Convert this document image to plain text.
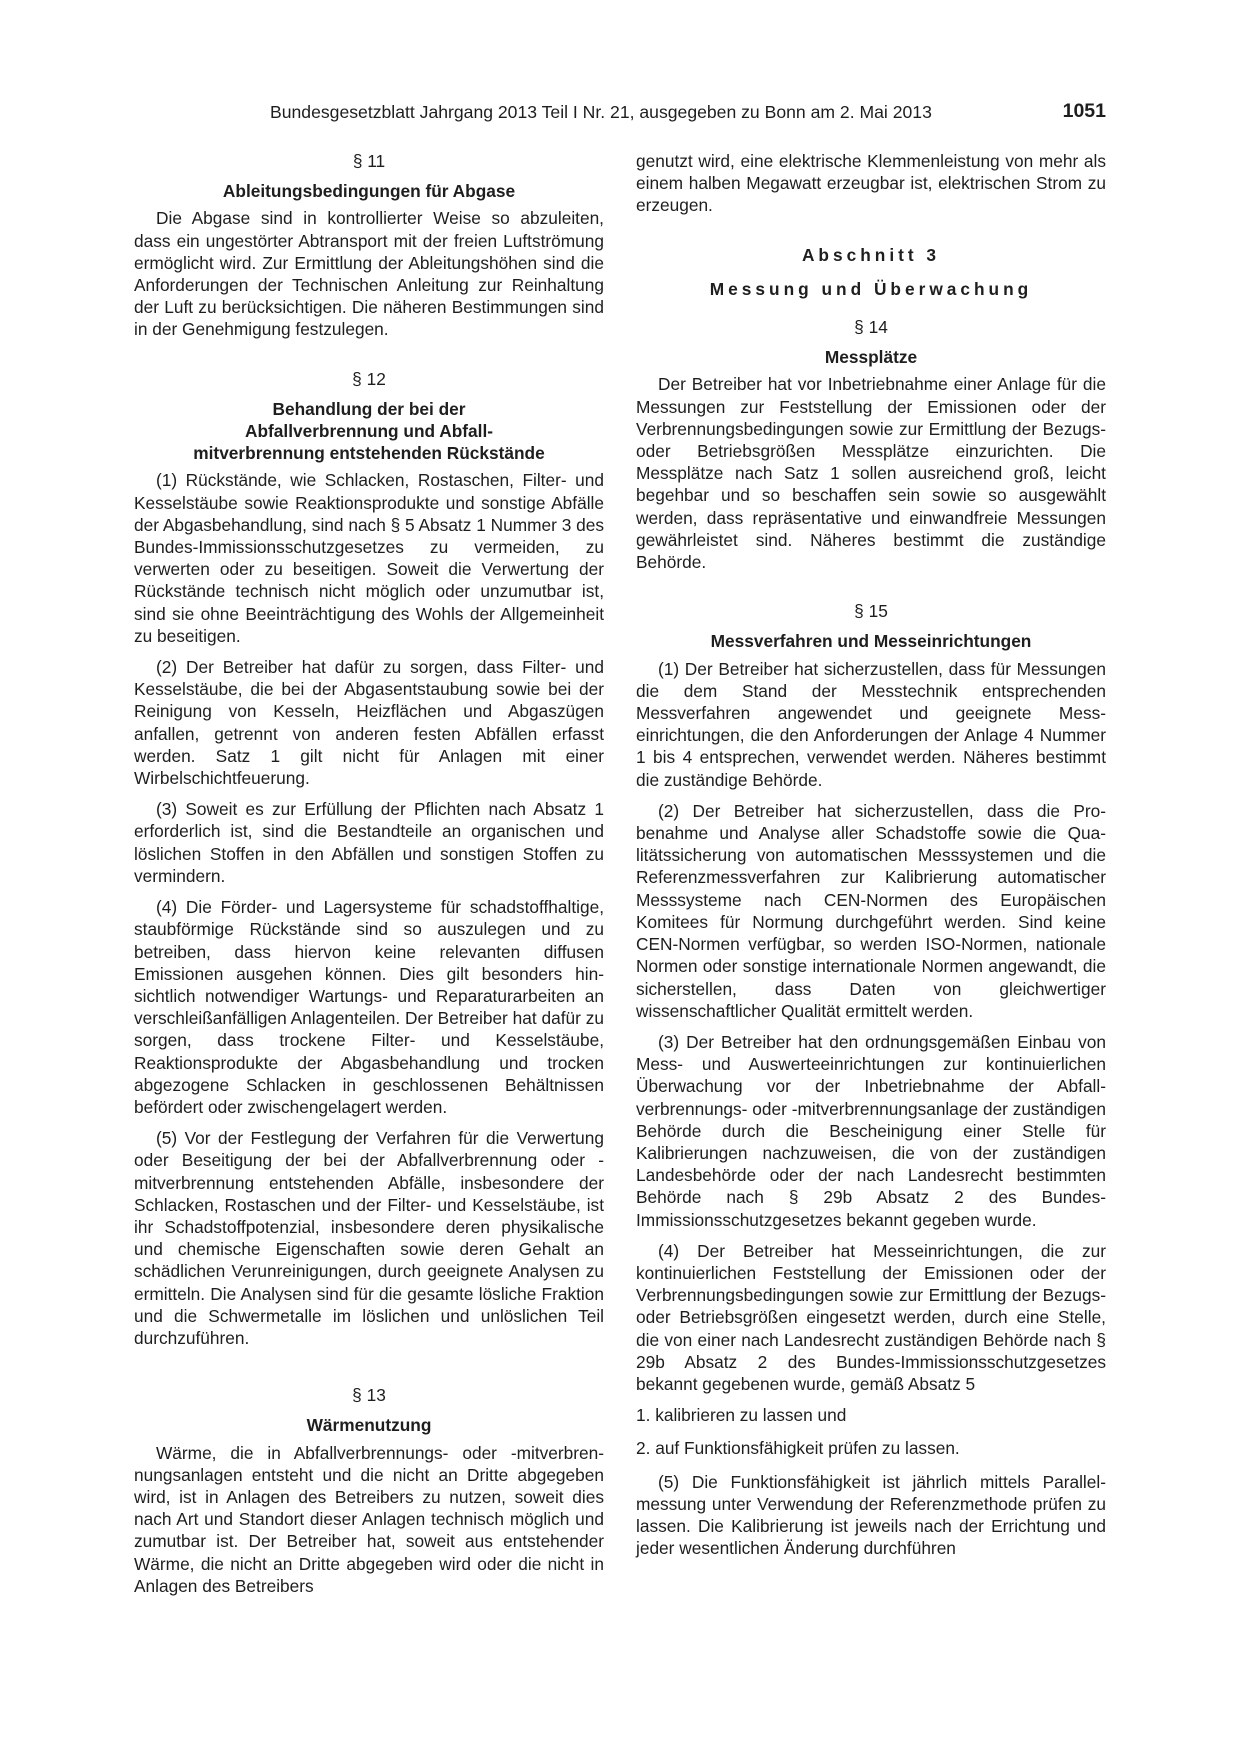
Bundesgesetzblatt Jahrgang 2013 Teil I Nr. 21, ausgegeben zu Bonn am 2. Mai 2013	1051
§ 11
Ableitungsbedingungen für Abgase

Die Abgase sind in kontrollierter Weise so abzuleiten, dass ein ungestörter Abtransport mit der freien Luftströmung ermöglicht wird. Zur Ermittlung der Ableitungshöhen sind die Anforderungen der Technischen Anleitung zur Reinhaltung der Luft zu berücksichtigen. Die näheren Bestimmungen sind in der Genehmigung festzulegen.

§ 12
Behandlung der bei der
Abfallverbrennung und Abfall-
mitverbrennung entstehenden Rückstände

(1) Rückstände, wie Schlacken, Rostaschen, Filter- und Kesselstäube sowie Reaktionsprodukte und sonstige Abfälle der Abgasbehandlung, sind nach § 5 Absatz 1 Nummer 3 des Bundes-Immissionsschutzgesetzes zu vermeiden, zu verwerten oder zu beseitigen. Soweit die Verwertung der Rückstände technisch nicht möglich oder unzumutbar ist, sind sie ohne Beeinträchtigung des Wohls der Allgemeinheit zu beseitigen.

(2) Der Betreiber hat dafür zu sorgen, dass Filter- und Kesselstäube, die bei der Abgasentstaubung sowie bei der Reinigung von Kesseln, Heizflächen und Abgaszügen anfallen, getrennt von anderen festen Abfällen erfasst werden. Satz 1 gilt nicht für Anlagen mit einer Wirbelschichtfeuerung.

(3) Soweit es zur Erfüllung der Pflichten nach Absatz 1 erforderlich ist, sind die Bestandteile an organischen und löslichen Stoffen in den Abfällen und sonstigen Stoffen zu vermindern.

(4) Die Förder- und Lagersysteme für schadstoffhaltige, staubförmige Rückstände sind so auszulegen und zu betreiben, dass hiervon keine relevanten diffusen Emissionen ausgehen können. Dies gilt besonders hinsichtlich notwendiger Wartungs- und Reparaturarbeiten an verschleißanfälligen Anlagenteilen. Der Betreiber hat dafür zu sorgen, dass trockene Filter- und Kesselstäube, Reaktionsprodukte der Abgasbehandlung und trocken abgezogene Schlacken in geschlossenen Behältnissen befördert oder zwischengelagert werden.

(5) Vor der Festlegung der Verfahren für die Verwertung oder Beseitigung der bei der Abfallverbrennung oder -mitverbrennung entstehenden Abfälle, insbesondere der Schlacken, Rostaschen und der Filter- und Kesselstäube, ist ihr Schadstoffpotenzial, insbesondere deren physikalische und chemische Eigenschaften sowie deren Gehalt an schädlichen Verunreinigungen, durch geeignete Analysen zu ermitteln. Die Analysen sind für die gesamte lösliche Fraktion und die Schwermetalle im löslichen und unlöslichen Teil durchzuführen.

§ 13
Wärmenutzung

Wärme, die in Abfallverbrennungs- oder -mitverbrennungsanlagen entsteht und die nicht an Dritte abgegeben wird, ist in Anlagen des Betreibers zu nutzen, soweit dies nach Art und Standort dieser Anlagen technisch möglich und zumutbar ist. Der Betreiber hat, soweit aus entstehender Wärme, die nicht an Dritte abgegeben wird oder die nicht in Anlagen des Betreibers

genutzt wird, eine elektrische Klemmenleistung von mehr als einem halben Megawatt erzeugbar ist, elektrischen Strom zu erzeugen.

Abschnitt 3
Messung und Überwachung
§ 14
Messplätze

Der Betreiber hat vor Inbetriebnahme einer Anlage für die Messungen zur Feststellung der Emissionen oder der Verbrennungsbedingungen sowie zur Ermittlung der Bezugs- oder Betriebsgrößen Messplätze einzurichten. Die Messplätze nach Satz 1 sollen ausreichend groß, leicht begehbar und so beschaffen sein sowie so ausgewählt werden, dass repräsentative und einwandfreie Messungen gewährleistet sind. Näheres bestimmt die zuständige Behörde.

§ 15
Messverfahren und Messeinrichtungen

(1) Der Betreiber hat sicherzustellen, dass für Messungen die dem Stand der Messtechnik entsprechenden Messverfahren angewendet und geeignete Messeinrichtungen, die den Anforderungen der Anlage 4 Nummer 1 bis 4 entsprechen, verwendet werden. Näheres bestimmt die zuständige Behörde.

(2) Der Betreiber hat sicherzustellen, dass die Probenahme und Analyse aller Schadstoffe sowie die Qualitätssicherung von automatischen Messsystemen und die Referenzmessverfahren zur Kalibrierung automatischer Messsysteme nach CEN-Normen des Europäischen Komitees für Normung durchgeführt werden. Sind keine CEN-Normen verfügbar, so werden ISO-Normen, nationale Normen oder sonstige internationale Normen angewandt, die sicherstellen, dass Daten von gleichwertiger wissenschaftlicher Qualität ermittelt werden.

(3) Der Betreiber hat den ordnungsgemäßen Einbau von Mess- und Auswerteeinrichtungen zur kontinuierlichen Überwachung vor der Inbetriebnahme der Abfallverbrennungs- oder -mitverbrennungsanlage der zuständigen Behörde durch die Bescheinigung einer Stelle für Kalibrierungen nachzuweisen, die von der zuständigen Landesbehörde oder der nach Landesrecht bestimmten Behörde nach § 29b Absatz 2 des Bundes-Immissionsschutzgesetzes bekannt gegeben wurde.

(4) Der Betreiber hat Messeinrichtungen, die zur kontinuierlichen Feststellung der Emissionen oder der Verbrennungsbedingungen sowie zur Ermittlung der Bezugs- oder Betriebsgrößen eingesetzt werden, durch eine Stelle, die von einer nach Landesrecht zuständigen Behörde nach § 29b Absatz 2 des Bundes-Immissionsschutzgesetzes bekannt gegebenen wurde, gemäß Absatz 5

1. kalibrieren zu lassen und
2. auf Funktionsfähigkeit prüfen zu lassen.

(5) Die Funktionsfähigkeit ist jährlich mittels Parallelmessung unter Verwendung der Referenzmethode prüfen zu lassen. Die Kalibrierung ist jeweils nach der Errichtung und jeder wesentlichen Änderung durchführen
